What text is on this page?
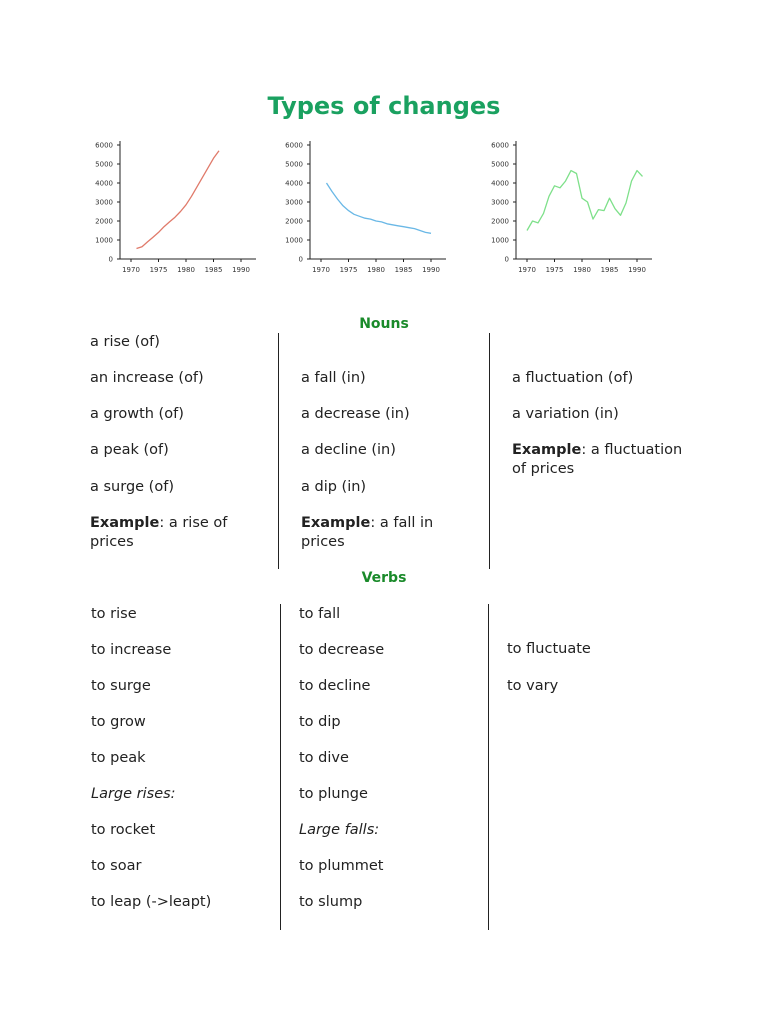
Types of changes
0
1000
2000
3000
4000
5000
6000
1970 1975 1980 1985 1990
0
1000
2000
3000
4000
5000
6000
1970 1975 1980 1985 1990
0
1000
2000
3000
4000
5000
6000
1970 1975 1980 1985 1990
Nouns
a rise (of)
an increase (of)
a growth (of)
a peak (of)
a surge (of)
Example: a rise of prices
a fall (in)
a decrease (in)
a decline (in)
a dip (in)
Example: a fall in prices
a fluctuation (of)
a variation (in)
Example: a fluctuation of prices
Verbs
to rise
to increase
to surge
to grow
to peak
Large rises:
to rocket
to soar
to leap (->leapt)
to fall
to decrease
to decline
to dip
to dive
to plunge
Large falls:
to plummet
to slump
to fluctuate
to vary
